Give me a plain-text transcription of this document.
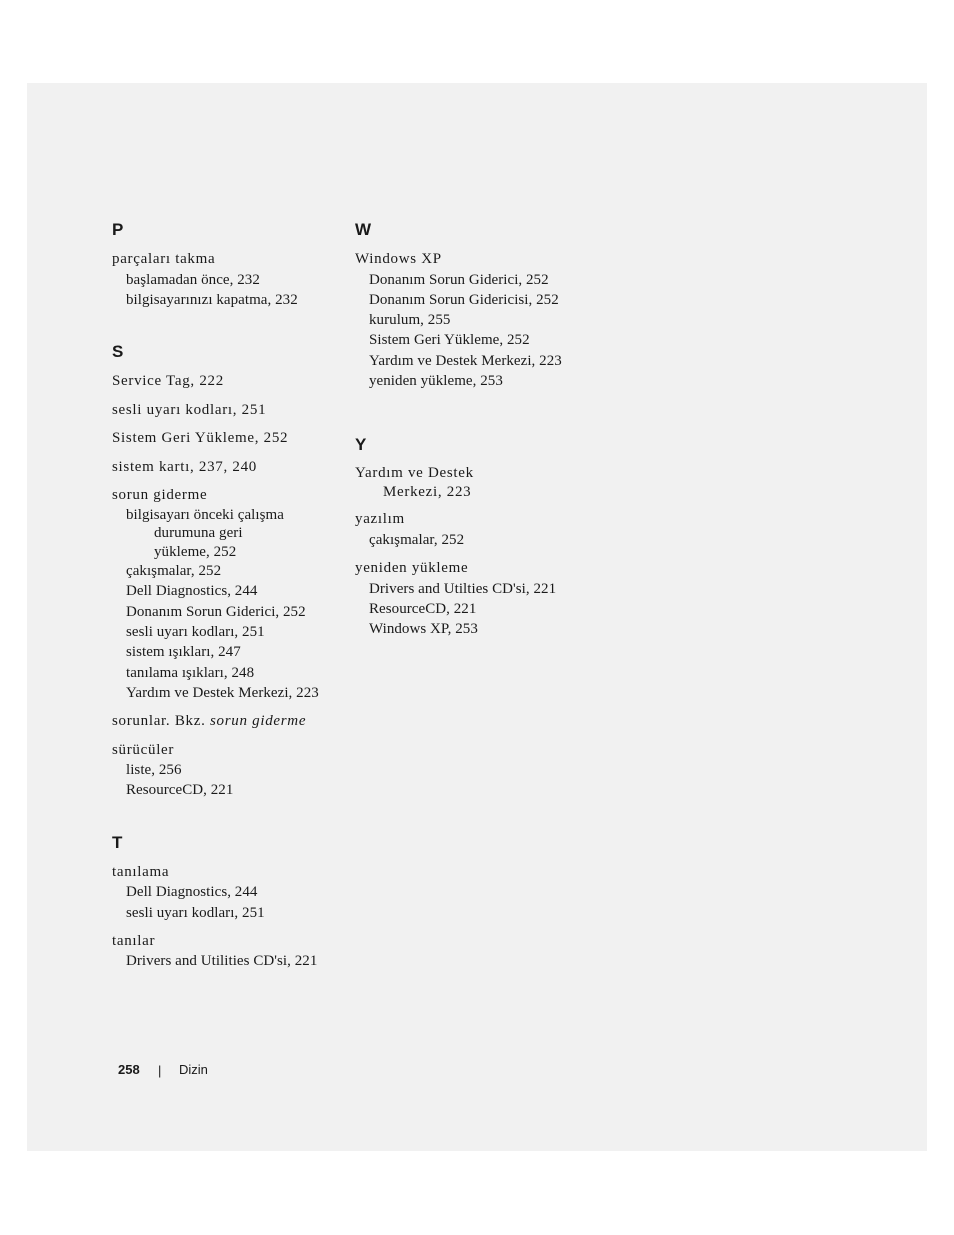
P
parçaları takma
başlamadan önce, 232
bilgisayarınızı kapatma, 232
S
Service Tag, 222
sesli uyarı kodları, 251
Sistem Geri Yükleme, 252
sistem kartı, 237, 240
sorun giderme
bilgisayarı önceki çalışma
durumuna geri
yükleme, 252
çakışmalar, 252
Dell Diagnostics, 244
Donanım Sorun Giderici, 252
sesli uyarı kodları, 251
sistem ışıkları, 247
tanılama ışıkları, 248
Yardım ve Destek Merkezi, 223
sorunlar. Bkz. sorun giderme
sürücüler
liste, 256
ResourceCD, 221
T
tanılama
Dell Diagnostics, 244
sesli uyarı kodları, 251
tanılar
Drivers and Utilities CD'si, 221
W
Windows XP
Donanım Sorun Giderici, 252
Donanım Sorun Gidericisi, 252
kurulum, 255
Sistem Geri Yükleme, 252
Yardım ve Destek Merkezi, 223
yeniden yükleme, 253
Y
Yardım ve Destek
Merkezi, 223
yazılım
çakışmalar, 252
yeniden yükleme
Drivers and Utilties CD'si, 221
ResourceCD, 221
Windows XP, 253
258 | Dizin
